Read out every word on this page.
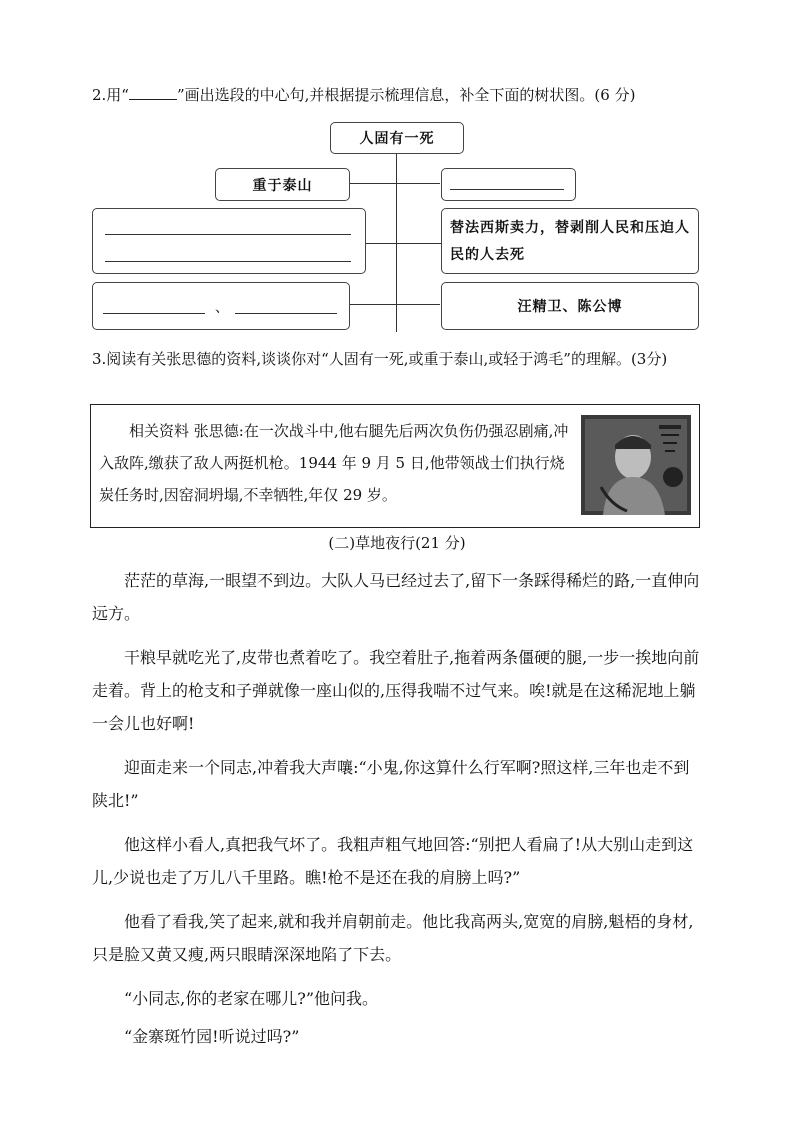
2.用“	”画出选段的中心句,并根据提示梳理信息，补全下面的树状图。(6 分)
人固有一死
重于泰山
替法西斯卖力，替剥削人民和压迫人民的人去死
、	汪精卫、陈公博
3.阅读有关张思德的资料,谈谈你对“人固有一死,或重于泰山,或轻于鸿毛”的理解。(3分)
相关资料 张思德:在一次战斗中,他右腿先后两次负伤仍强忍剧痛,冲入敌阵,缴获了敌人两挺机枪。1944 年 9 月 5 日,他带领战士们执行烧炭任务时,因窑洞坍塌,不幸牺牲,年仅 29 岁。
(二)草地夜行(21 分)
茫茫的草海,一眼望不到边。大队人马已经过去了,留下一条踩得稀烂的路,一直伸向远方。
干粮早就吃光了,皮带也煮着吃了。我空着肚子,拖着两条僵硬的腿,一步一挨地向前走着。背上的枪支和子弹就像一座山似的,压得我喘不过气来。唉!就是在这稀泥地上躺一会儿也好啊!
迎面走来一个同志,冲着我大声嚷:“小鬼,你这算什么行军啊?照这样,三年也走不到陕北!”
他这样小看人,真把我气坏了。我粗声粗气地回答:“别把人看扁了!从大别山走到这儿,少说也走了万儿八千里路。瞧!枪不是还在我的肩膀上吗?”
他看了看我,笑了起来,就和我并肩朝前走。他比我高两头,宽宽的肩膀,魁梧的身材,只是脸又黄又瘦,两只眼睛深深地陷了下去。
“小同志,你的老家在哪儿?”他问我。
“金寨斑竹园!听说过吗?”
